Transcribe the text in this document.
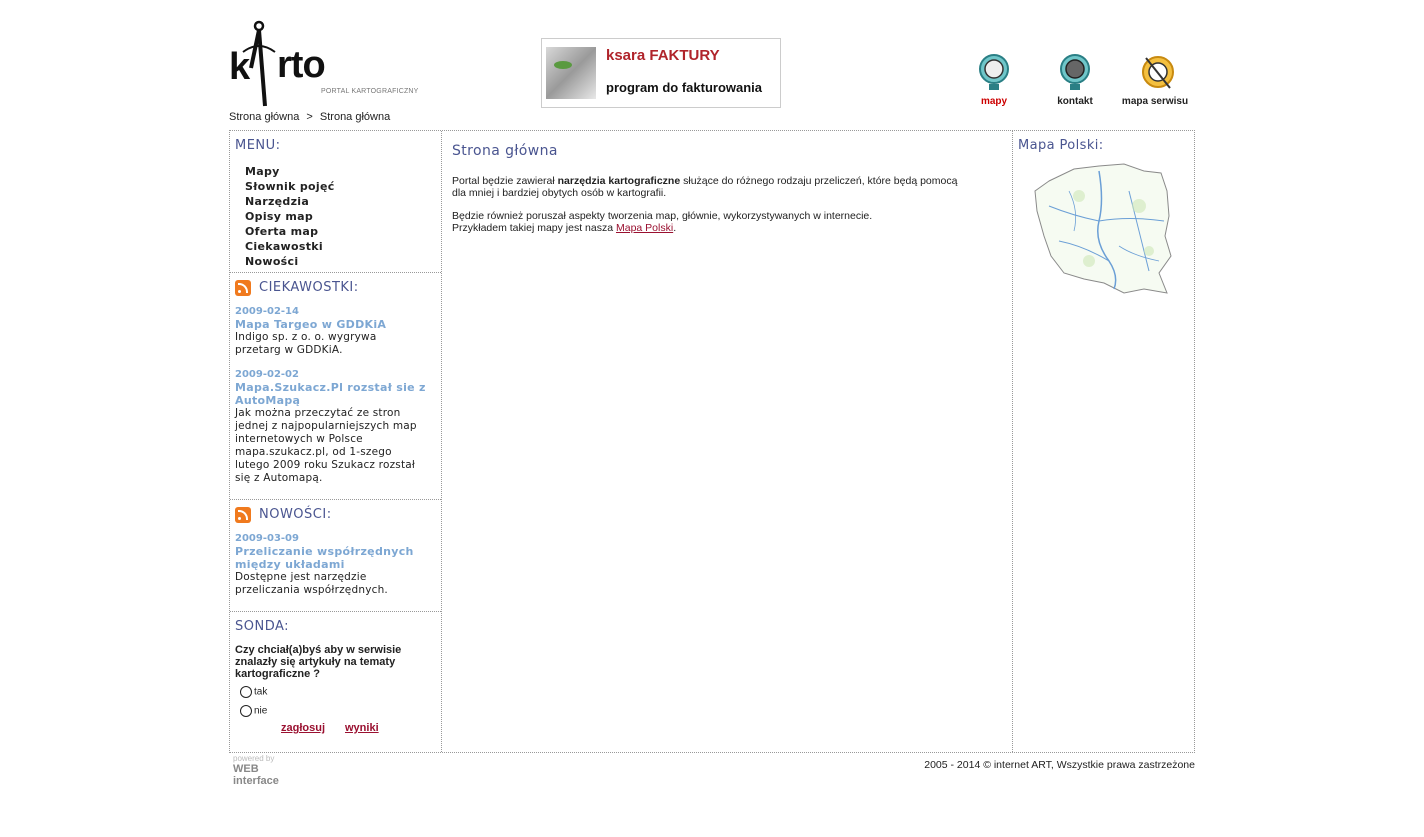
k rto
PORTAL KARTOGRAFICZNY
ksara FAKTURY
program do fakturowania
mapy	kontakt	mapa serwisu
Strona główna > Strona główna
MENU:
Mapy
Słownik pojęć
Narzędzia
Opisy map
Oferta map
Ciekawostki
Nowości
CIEKAWOSTKI:
2009-02-14
Mapa Targeo w GDDKiA
Indigo sp. z o. o. wygrywa
przetarg w GDDKiA.
2009-02-02
Mapa.Szukacz.Pl rozstał sie z
AutoMapą
Jak można przeczytać ze stron
jednej z najpopularniejszych map
internetowych w Polsce
mapa.szukacz.pl, od 1-szego
lutego 2009 roku Szukacz rozstał
się z Automapą.
NOWOŚCI:
2009-03-09
Przeliczanie współrzędnych
między układami
Dostępne jest narzędzie
przeliczania współrzędnych.
SONDA:
Czy chciał(a)byś aby w serwisie
znalazły się artykuły na tematy
kartograficzne ?
tak
nie
zagłosuj wyniki
Strona główna

Portal będzie zawierał narzędzia kartograficzne służące do różnego rodzaju przeliczeń, które będą pomocą
dla mniej i bardziej obytych osób w kartografii.

Będzie również poruszał aspekty tworzenia map, głównie, wykorzystywanych w internecie.
Przykładem takiej mapy jest nasza Mapa Polski.

Mapa Polski:
powered by
WEB interface
2005 - 2014 © internet ART, Wszystkie prawa zastrzeżone
